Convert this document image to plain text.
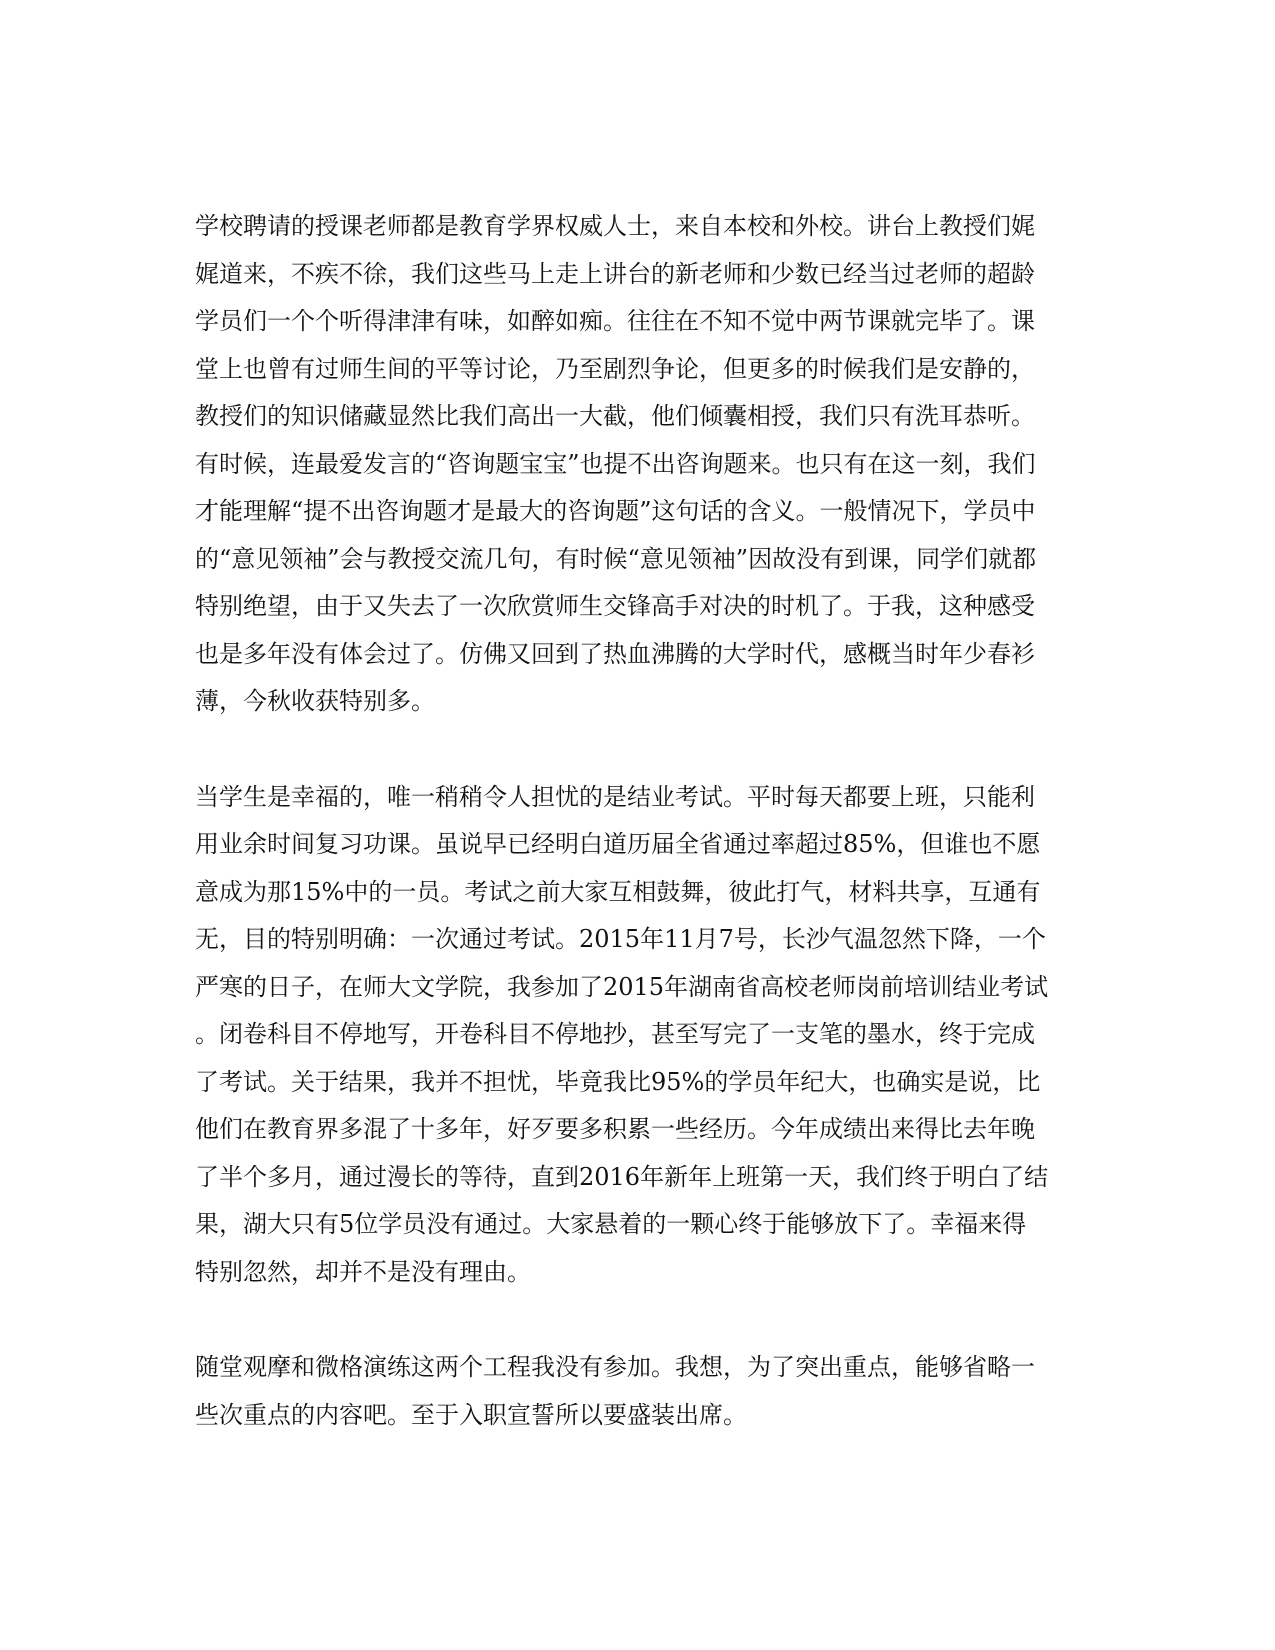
学校聘请的授课老师都是教育学界权威人士，来自本校和外校。讲台上教授们娓
娓道来，不疾不徐，我们这些马上走上讲台的新老师和少数已经当过老师的超龄
学员们一个个听得津津有味，如醉如痴。往往在不知不觉中两节课就完毕了。课
堂上也曾有过师生间的平等讨论，乃至剧烈争论，但更多的时候我们是安静的，
教授们的知识储藏显然比我们高出一大截，他们倾囊相授，我们只有洗耳恭听。
有时候，连最爱发言的“咨询题宝宝”也提不出咨询题来。也只有在这一刻，我们
才能理解“提不出咨询题才是最大的咨询题”这句话的含义。一般情况下，学员中
的“意见领袖”会与教授交流几句，有时候“意见领袖”因故没有到课，同学们就都
特别绝望，由于又失去了一次欣赏师生交锋高手对决的时机了。于我，这种感受
也是多年没有体会过了。仿佛又回到了热血沸腾的大学时代，感概当时年少春衫
薄，今秋收获特别多。
当学生是幸福的，唯一稍稍令人担忧的是结业考试。平时每天都要上班，只能利
用业余时间复习功课。虽说早已经明白道历届全省通过率超过85%，但谁也不愿
意成为那15%中的一员。考试之前大家互相鼓舞，彼此打气，材料共享，互通有
无，目的特别明确：一次通过考试。2015年11月7号，长沙气温忽然下降，一个
严寒的日子，在师大文学院，我参加了2015年湖南省高校老师岗前培训结业考试
。闭卷科目不停地写，开卷科目不停地抄，甚至写完了一支笔的墨水，终于完成
了考试。关于结果，我并不担忧，毕竟我比95%的学员年纪大，也确实是说，比
他们在教育界多混了十多年，好歹要多积累一些经历。今年成绩出来得比去年晚
了半个多月，通过漫长的等待，直到2016年新年上班第一天，我们终于明白了结
果，湖大只有5位学员没有通过。大家悬着的一颗心终于能够放下了。幸福来得
特别忽然，却并不是没有理由。
随堂观摩和微格演练这两个工程我没有参加。我想，为了突出重点，能够省略一
些次重点的内容吧。至于入职宣誓所以要盛装出席。
